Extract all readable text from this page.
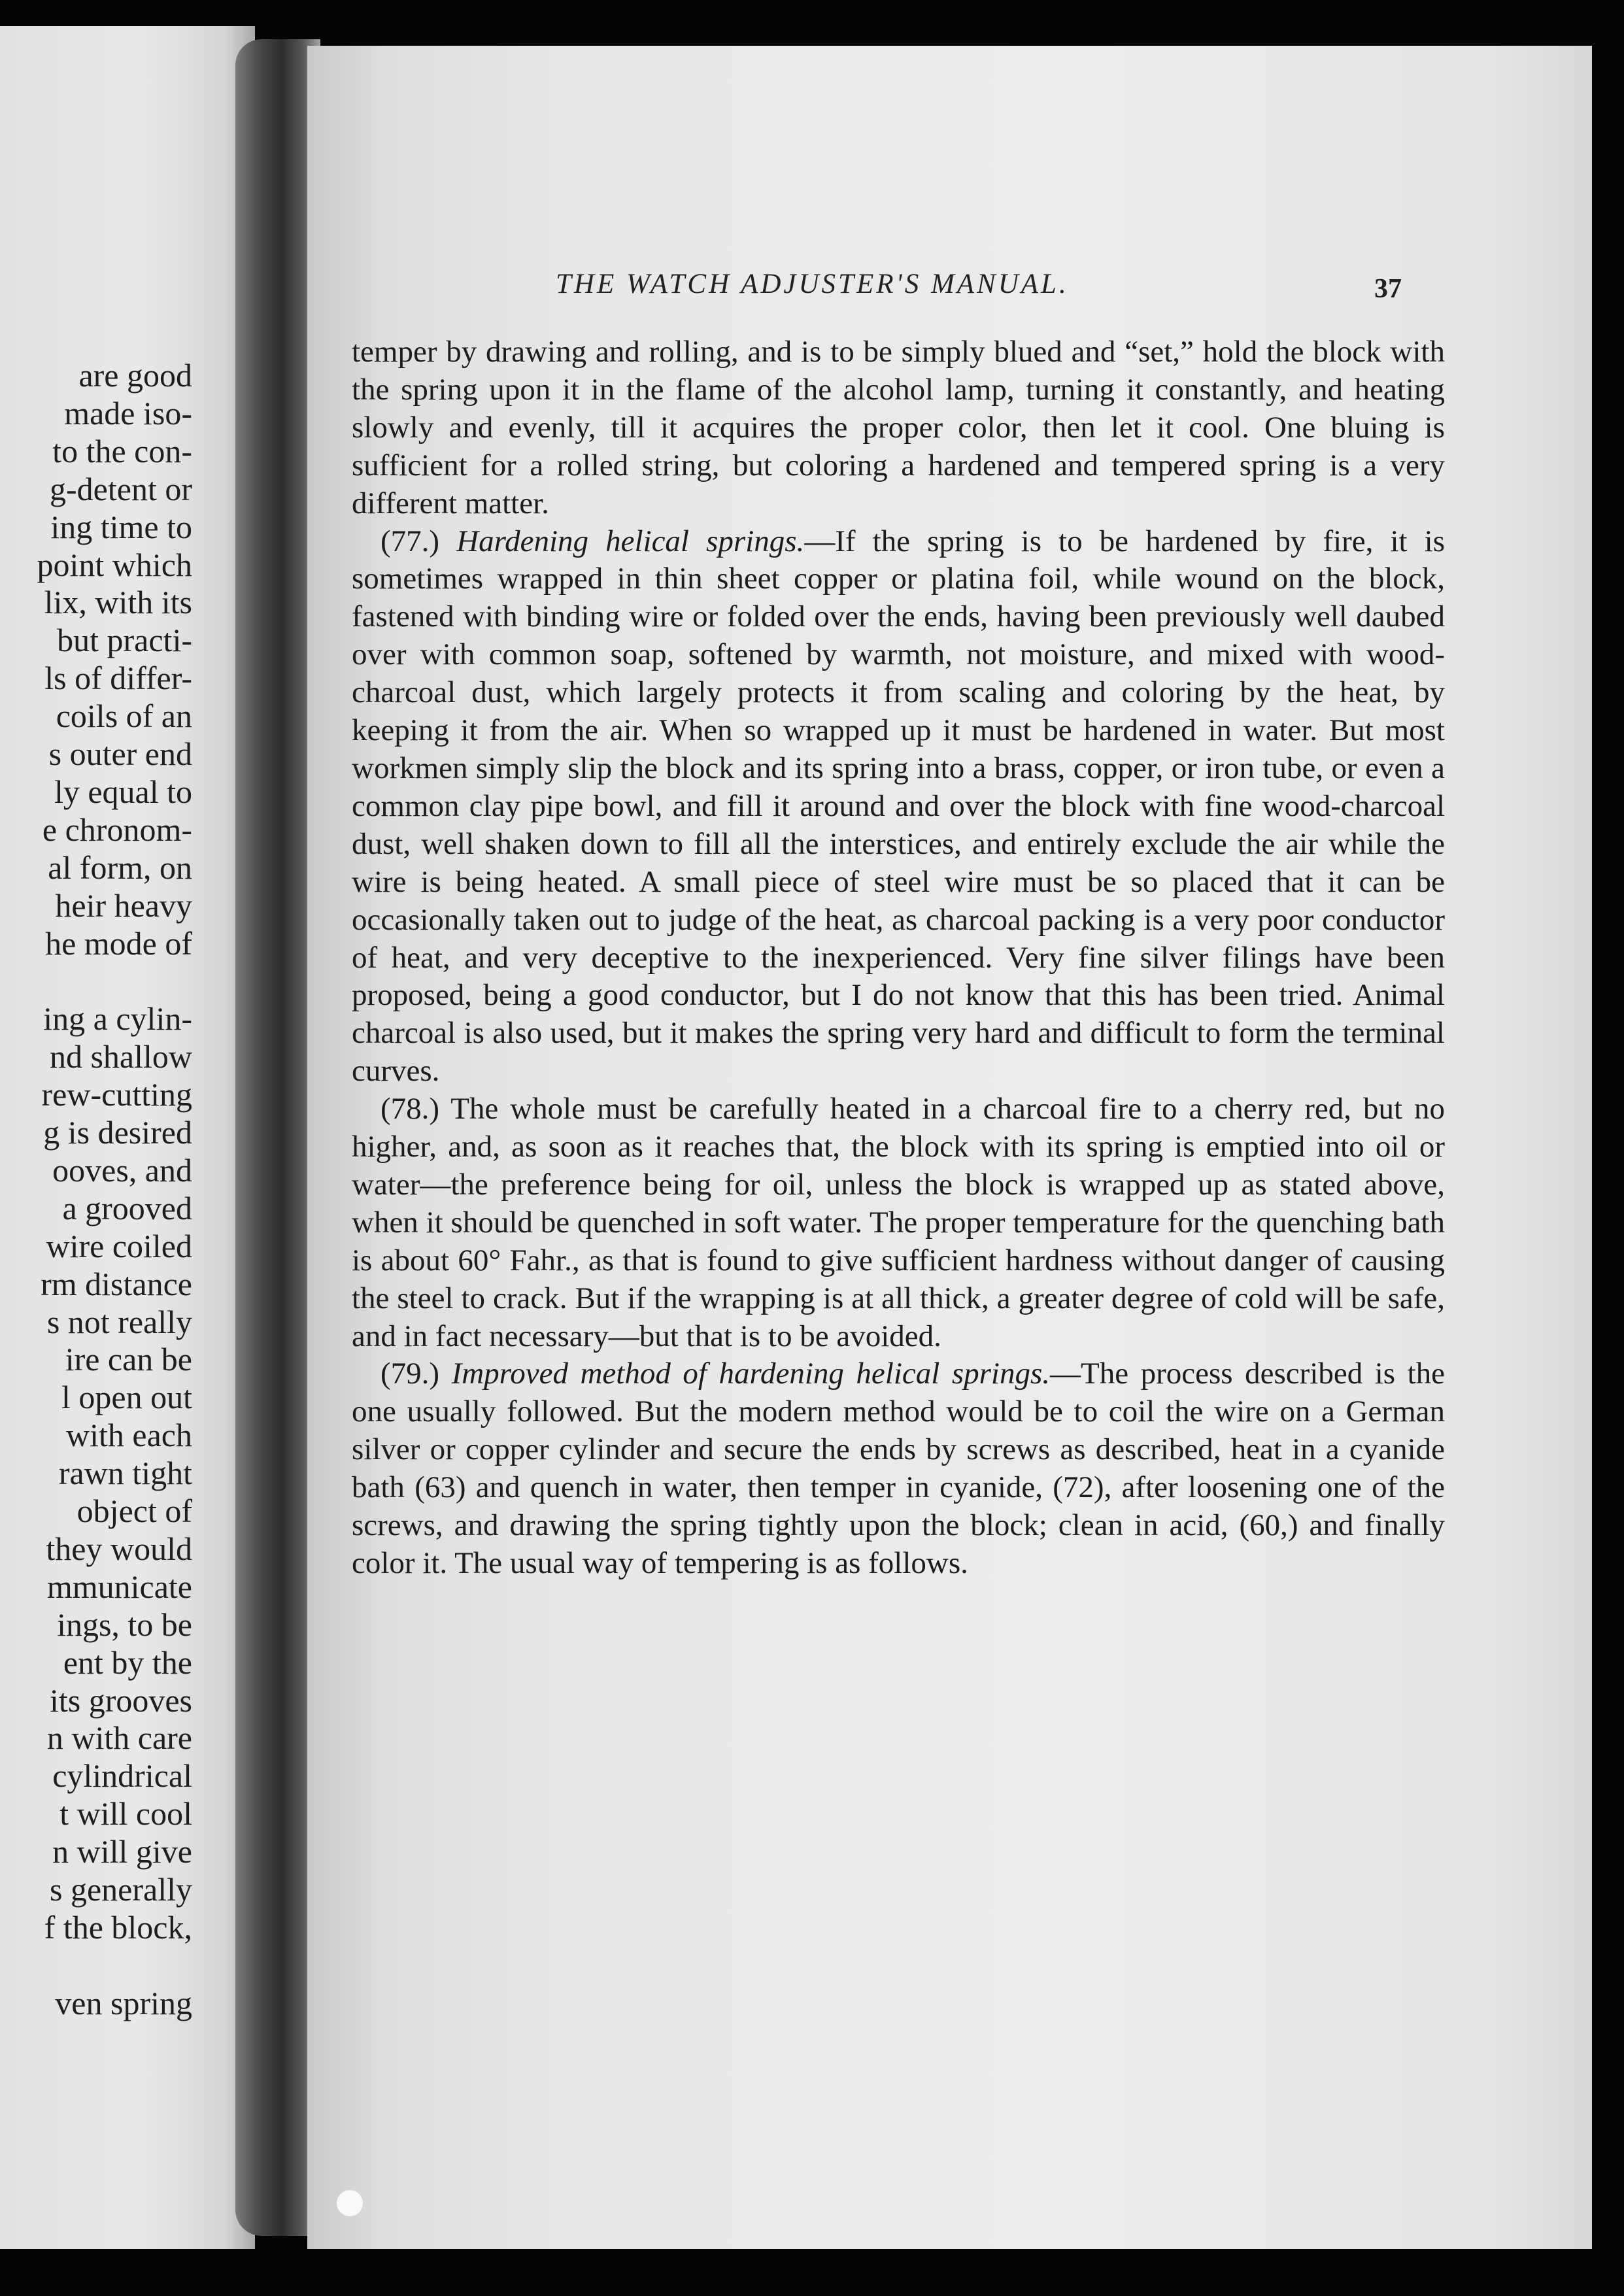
are good
made iso-
to the con-
g-detent or
ing time to
point which
lix, with its
but practi-
ls of differ-
coils of an
s outer end
ly equal to
e chronom-
al form, on
heir heavy
he mode of
ing a cylin-
nd shallow
rew-cutting
g is desired
ooves, and
a grooved
wire coiled
rm distance
s not really
ire can be
l open out
with each
rawn tight
object of
they would
mmunicate
ings, to be
ent by the
its grooves
n with care
cylindrical
t will cool
n will give
s generally
f the block,
ven spring
THE WATCH ADJUSTER'S MANUAL.	37

temper by drawing and rolling, and is to be simply blued and “set,” hold the block with the spring upon it in the flame of the alcohol lamp, turning it constantly, and heating slowly and evenly, till it acquires the proper color, then let it cool. One bluing is sufficient for a rolled string, but coloring a hardened and tempered spring is a very different matter.

(77.) Hardening helical springs.—If the spring is to be hardened by fire, it is sometimes wrapped in thin sheet copper or platina foil, while wound on the block, fastened with binding wire or folded over the ends, having been previously well daubed over with common soap, softened by warmth, not moisture, and mixed with wood-charcoal dust, which largely protects it from scaling and coloring by the heat, by keeping it from the air. When so wrapped up it must be hardened in water. But most workmen simply slip the block and its spring into a brass, copper, or iron tube, or even a common clay pipe bowl, and fill it around and over the block with fine wood-charcoal dust, well shaken down to fill all the interstices, and entirely exclude the air while the wire is being heated. A small piece of steel wire must be so placed that it can be occasionally taken out to judge of the heat, as charcoal packing is a very poor conductor of heat, and very deceptive to the inexperienced. Very fine silver filings have been proposed, being a good conductor, but I do not know that this has been tried. Animal charcoal is also used, but it makes the spring very hard and difficult to form the terminal curves.

(78.) The whole must be carefully heated in a charcoal fire to a cherry red, but no higher, and, as soon as it reaches that, the block with its spring is emptied into oil or water—the preference being for oil, unless the block is wrapped up as stated above, when it should be quenched in soft water. The proper temperature for the quenching bath is about 60° Fahr., as that is found to give sufficient hardness without danger of causing the steel to crack. But if the wrapping is at all thick, a greater degree of cold will be safe, and in fact necessary—but that is to be avoided.

(79.) Improved method of hardening helical springs.—The process described is the one usually followed. But the modern method would be to coil the wire on a German silver or copper cylinder and secure the ends by screws as described, heat in a cyanide bath (63) and quench in water, then temper in cyanide, (72), after loosening one of the screws, and drawing the spring tightly upon the block; clean in acid, (60,) and finally color it. The usual way of tempering is as follows.
